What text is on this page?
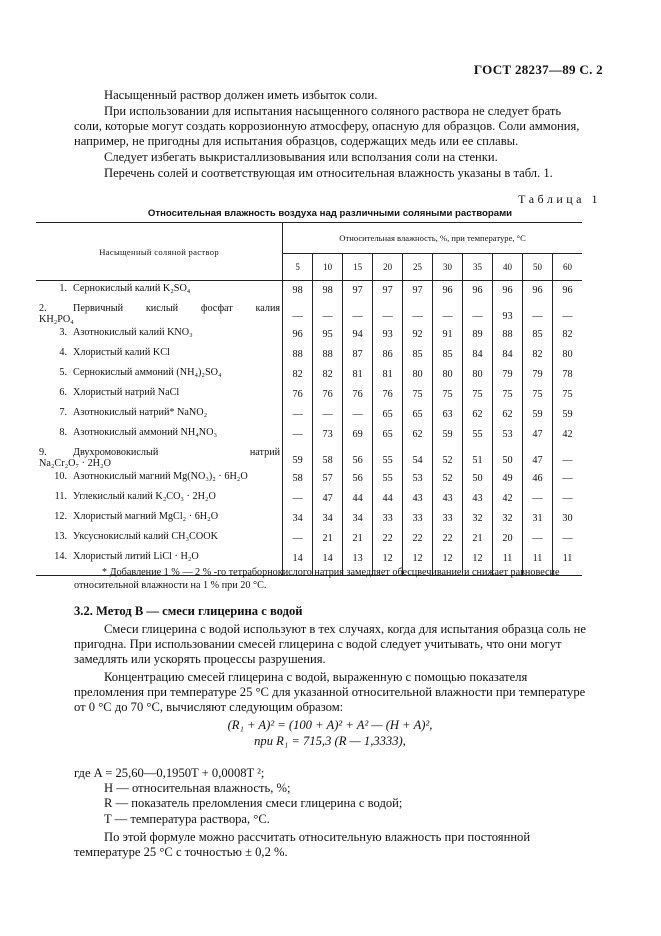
ГОСТ 28237—89 С. 2

Насыщенный раствор должен иметь избыток соли.

При использовании для испытания насыщенного соляного раствора не следует брать соли, которые могут создать коррозионную атмосферу, опасную для образцов. Соли аммония, например, не пригодны для испытания образцов, содержащих медь или ее сплавы.

Следует избегать выкристаллизовывания или всползания соли на стенки.

Перечень солей и соответствующая им относительная влажность указаны в табл. 1.

Таблица 1
Относительная влажность воздуха над различными соляными растворами
Насыщенный соляной раствор	Относительная влажность, %, при температуре, °С									
	5	10	15	20	25	30	35	40	50	60

1. Сернокислый калий K₂SO₄	98	98	97	97	97	96	96	96	96	96

2. Первичный кислый фосфат калия
KH₂PO₄	—	—	—	—	—	—	—	93	—	—

3. Азотнокислый калий KNO₃	96	95	94	93	92	91	89	88	85	82

4. Хлористый калий KCl	88	88	87	86	85	85	84	84	82	80

5. Сернокислый аммоний (NH₄)₂SO₄	82	82	81	81	80	80	80	79	79	78

6. Хлористый натрий NaCl	76	76	76	76	75	75	75	75	75	75

7. Азотнокислый натрий* NaNO₂	—	—	—	65	65	63	62	62	59	59

8. Азотнокислый аммоний NH₄NO₃	—	73	69	65	62	59	55	53	47	42

9. Двухромовокислый натрий
Na₂Cr₂O₇ · 2H₂O	59	58	56	55	54	52	51	50	47	—

10. Азотнокислый магний Mg(NO₃)₂ · 6H₂O	58	57	56	55	53	52	50	49	46	—

11. Углекислый калий K₂CO₃ · 2H₂O	—	47	44	44	43	43	43	42	—	—

12. Хлористый магний MgCl₂ · 6H₂O	34	34	34	33	33	33	32	32	31	30

13. Уксуснокислый калий CH₃COOK	—	21	21	22	22	22	21	20	—	—

14. Хлористый литий LiCl · H₂O	14	14	13	12	12	12	12	11	11	11

* Добавление 1 % — 2 % -го тетраборнокислого натрия замедляет обесцвечивание и снижает равновесие относительной влажности на 1 % при 20 °С.

3.2. Метод В — смеси глицерина с водой

Смеси глицерина с водой используют в тех случаях, когда для испытания образца соль не пригодна. При использовании смесей глицерина с водой следует учитывать, что они могут замедлять или ускорять процессы разрушения.

Концентрацию смесей глицерина с водой, выраженную с помощью показателя преломления при температуре 25 °С для указанной относительной влажности при температуре от 0 °С до 70 °С, вычисляют следующим образом:

(R₁ + A)² = (100 + A)² + A² — (H + A)²,
при R₁ = 715,3 (R — 1,3333),
где A = 25,60—0,1950T + 0,0008T ²;
H — относительная влажность, %;
R — показатель преломления смеси глицерина с водой;
T — температура раствора, °С.

По этой формуле можно рассчитать относительную влажность при постоянной температуре 25 °С с точностью ± 0,2 %.
